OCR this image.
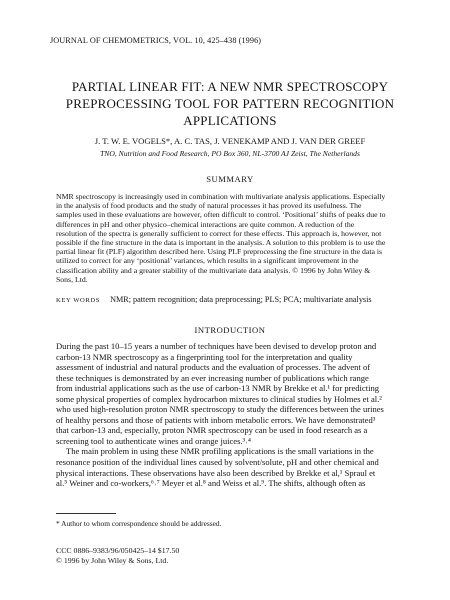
JOURNAL OF CHEMOMETRICS, VOL. 10, 425–438 (1996)
PARTIAL LINEAR FIT: A NEW NMR SPECTROSCOPY
PREPROCESSING TOOL FOR PATTERN RECOGNITION
APPLICATIONS
J. T. W. E. VOGELS*, A. C. TAS, J. VENEKAMP AND J. VAN DER GREEF
TNO, Nutrition and Food Research, PO Box 360, NL-3700 AJ Zeist, The Netherlands
SUMMARY
NMR spectroscopy is increasingly used in combination with multivariate analysis applications. Especially
in the analysis of food products and the study of natural processes it has proved its usefulness. The
samples used in these evaluations are however, often difficult to control. ‘Positional’ shifts of peaks due to
differences in pH and other physico–chemical interactions are quite common. A reduction of the
resolution of the spectra is generally sufficient to correct for these effects. This approach is, however, not
possible if the fine structure in the data is important in the analysis. A solution to this problem is to use the
partial linear fit (PLF) algorithm described here. Using PLF preprocessing the fine structure in the data is
utilized to correct for any ‘positional’ variances, which results in a significant improvement in the
classification ability and a greater stability of the multivariate data analysis. © 1996 by John Wiley &
Sons, Ltd.
KEY WORDS NMR; pattern recognition; data preprocessing; PLS; PCA; multivariate analysis
INTRODUCTION
During the past 10–15 years a number of techniques have been devised to develop proton and
carbon-13 NMR spectroscopy as a fingerprinting tool for the interpretation and quality
assessment of industrial and natural products and the evaluation of processes. The advent of
these techniques is demonstrated by an ever increasing number of publications which range
from industrial applications such as the use of carbon-13 NMR by Brekke et al.¹ for predicting
some physical properties of complex hydrocarbon mixtures to clinical studies by Holmes et al.²
who used high-resolution proton NMR spectroscopy to study the differences between the urines
of healthy persons and those of patients with inborn metabolic errors. We have demonstrated³
that carbon-13 and, especially, proton NMR spectroscopy can be used in food research as a
screening tool to authenticate wines and orange juices.³˒⁴
The main problem in using these NMR profiling applications is the small variations in the
resonance position of the individual lines caused by solvent/solute, pH and other chemical and
physical interactions. These observations have also been described by Brekke et al,¹ Spraul et
al.⁵ Weiner and co-workers,⁶˒⁷ Meyer et al.⁸ and Weiss et al.⁹. The shifts, although often as
* Author to whom correspondence should be addressed.
CCC 0886–9383/96/050425–14 $17.50
© 1996 by John Wiley & Sons, Ltd.
